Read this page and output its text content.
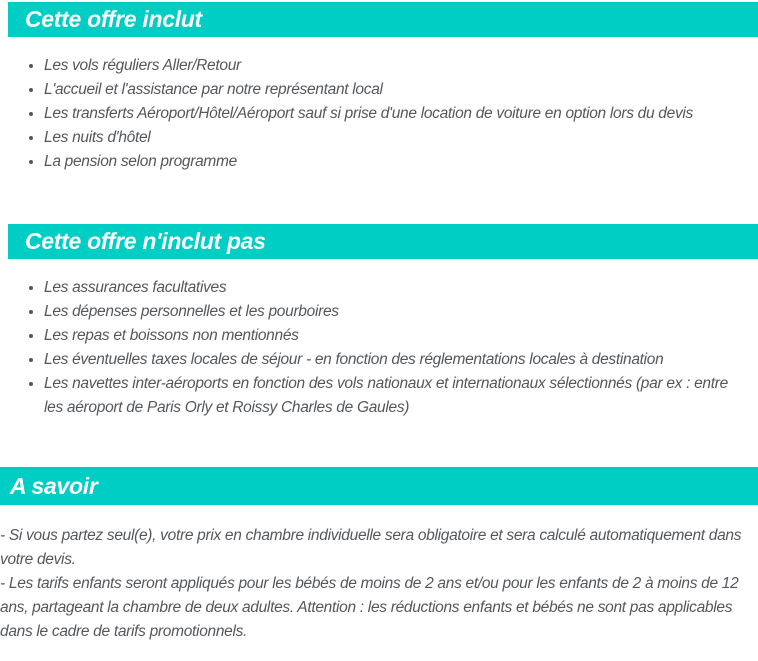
Cette offre inclut
• Les vols réguliers Aller/Retour
• L'accueil et l'assistance par notre représentant local
• Les transferts Aéroport/Hôtel/Aéroport sauf si prise d'une location de voiture en option lors du devis
• Les nuits d'hôtel
• La pension selon programme
Cette offre n'inclut pas
• Les assurances facultatives
• Les dépenses personnelles et les pourboires
• Les repas et boissons non mentionnés
• Les éventuelles taxes locales de séjour - en fonction des réglementations locales à destination
• Les navettes inter-aéroports en fonction des vols nationaux et internationaux sélectionnés (par ex : entre les aéroport de Paris Orly et Roissy Charles de Gaules)
A savoir

- Si vous partez seul(e), votre prix en chambre individuelle sera obligatoire et sera calculé automatiquement dans votre devis.

- Les tarifs enfants seront appliqués pour les bébés de moins de 2 ans et/ou pour les enfants de 2 à moins de 12 ans, partageant la chambre de deux adultes. Attention : les réductions enfants et bébés ne sont pas applicables dans le cadre de tarifs promotionnels.
